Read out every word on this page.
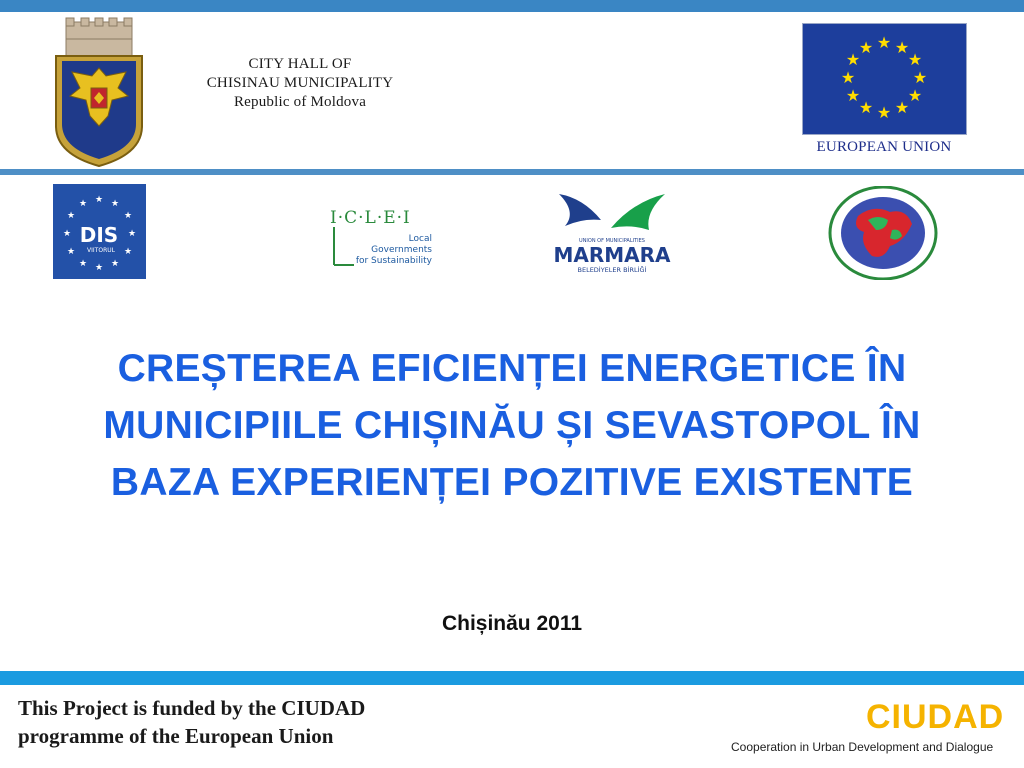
CITY HALL OF
CHISINAU MUNICIPALITY
Republic of Moldova
★ ★
★
★
★
★
★
★
★
★
★
★
EUROPEAN UNION
★
★	★
★	★
★	★
★	★
★	★
★
DIS
VIITORUL
I·C·L·E·I
Local
Governments
for Sustainability
UNION OF MUNICIPALITIES
MARMARA
BELEDİYELER BİRLİĞİ
CREȘTEREA EFICIENȚEI ENERGETICE ÎN
MUNICIPIILE CHIȘINĂU ȘI SEVASTOPOL ÎN
BAZA EXPERIENȚEI POZITIVE EXISTENTE
Chișinău 2011
This Project is funded by the CIUDAD
programme of the European Union	CIUDAD
Cooperation in Urban Development and Dialogue
